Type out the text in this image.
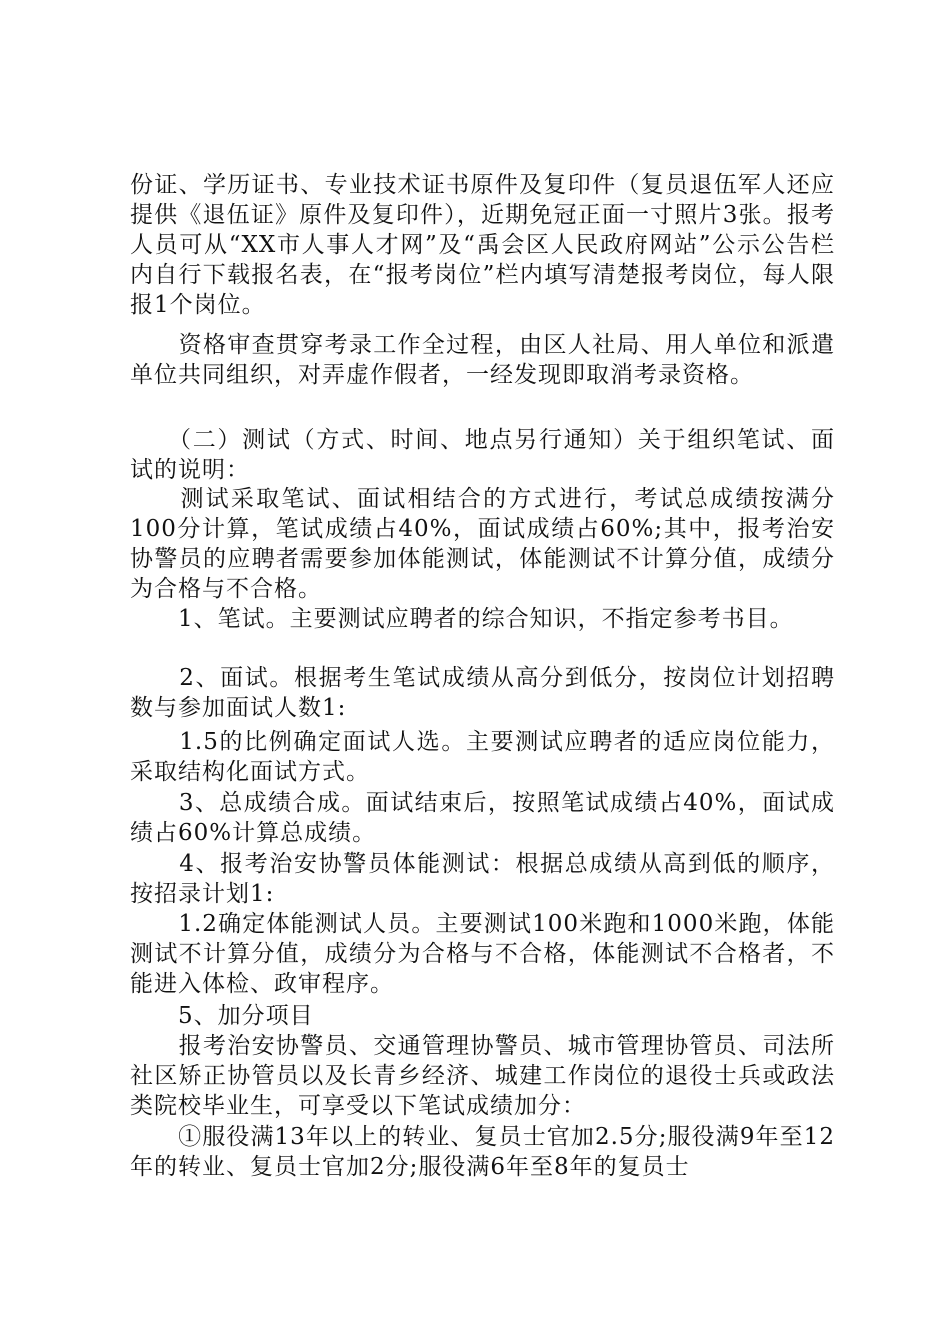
份证、学历证书、专业技术证书原件及复印件（复员退伍军人还应提供《退伍证》原件及复印件），近期免冠正面一寸照片3张。报考人员可从“XX市人事人才网”及“禹会区人民政府网站”公示公告栏内自行下载报名表，在“报考岗位”栏内填写清楚报考岗位，每人限报1个岗位。

　　资格审查贯穿考录工作全过程，由区人社局、用人单位和派遣单位共同组织，对弄虚作假者，一经发现即取消考录资格。

　　（二）测试（方式、时间、地点另行通知）关于组织笔试、面试的说明：

　　测试采取笔试、面试相结合的方式进行，考试总成绩按满分100分计算，笔试成绩占40%，面试成绩占60%;其中，报考治安协警员的应聘者需要参加体能测试，体能测试不计算分值，成绩分为合格与不合格。

　　1、笔试。主要测试应聘者的综合知识，不指定参考书目。

　　2、面试。根据考生笔试成绩从高分到低分，按岗位计划招聘数与参加面试人数1:

　　1.5的比例确定面试人选。主要测试应聘者的适应岗位能力，采取结构化面试方式。

　　3、总成绩合成。面试结束后，按照笔试成绩占40%，面试成绩占60%计算总成绩。

　　4、报考治安协警员体能测试：根据总成绩从高到低的顺序，按招录计划1:

　　1.2确定体能测试人员。主要测试100米跑和1000米跑，体能测试不计算分值，成绩分为合格与不合格，体能测试不合格者，不能进入体检、政审程序。

　　5、加分项目

　　报考治安协警员、交通管理协警员、城市管理协管员、司法所社区矫正协管员以及长青乡经济、城建工作岗位的退役士兵或政法类院校毕业生，可享受以下笔试成绩加分：

　　①服役满13年以上的转业、复员士官加2.5分;服役满9年至12年的转业、复员士官加2分;服役满6年至8年的复员士
